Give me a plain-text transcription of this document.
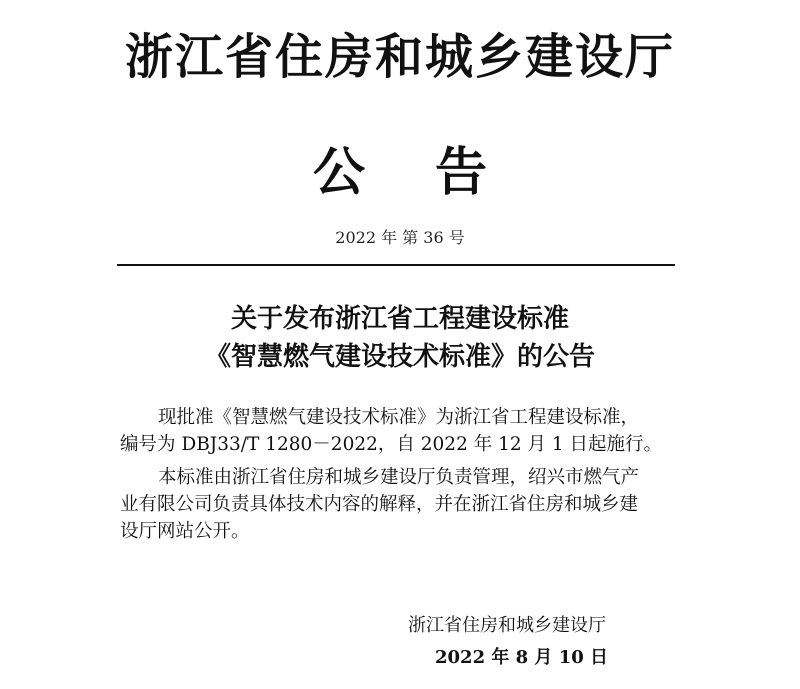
浙江省住房和城乡建设厅
公告
2022 年 第 36 号
关于发布浙江省工程建设标准
《智慧燃气建设技术标准》的公告

现批准《智慧燃气建设技术标准》为浙江省工程建设标准，
编号为 DBJ33/T 1280－2022，自 2022 年 12 月 1 日起施行。

本标准由浙江省住房和城乡建设厅负责管理，绍兴市燃气产
业有限公司负责具体技术内容的解释，并在浙江省住房和城乡建
设厅网站公开。

浙江省住房和城乡建设厅
2022 年 8 月 10 日
